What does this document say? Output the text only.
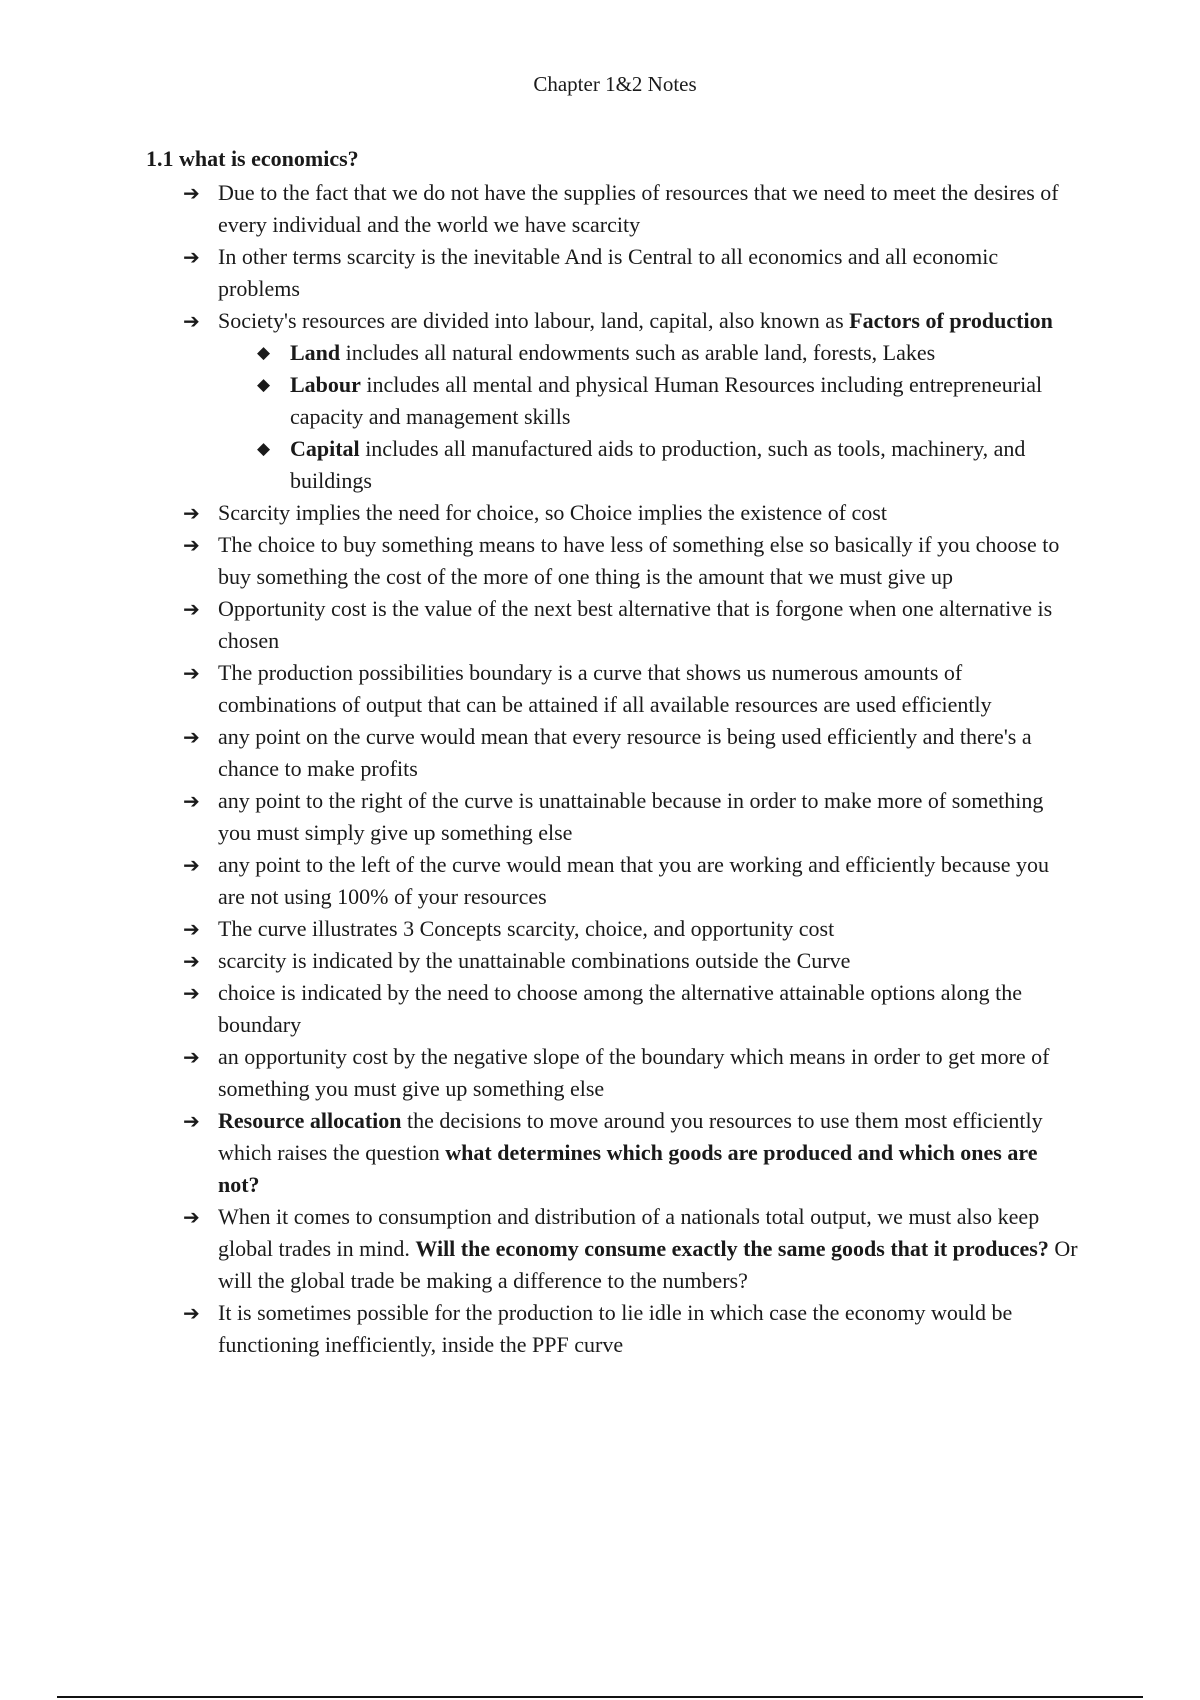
Chapter 1&2 Notes
1.1 what is economics?
➔ Due to the fact that we do not have the supplies of resources that we need to meet the desires of every individual and the world we have scarcity
➔ In other terms scarcity is the inevitable And is Central to all economics and all economic problems
➔ Society's resources are divided into labour, land, capital, also known as Factors of production
◆ Land includes all natural endowments such as arable land, forests, Lakes
◆ Labour includes all mental and physical Human Resources including entrepreneurial capacity and management skills
◆ Capital includes all manufactured aids to production, such as tools, machinery, and buildings
➔ Scarcity implies the need for choice, so Choice implies the existence of cost
➔ The choice to buy something means to have less of something else so basically if you choose to buy something the cost of the more of one thing is the amount that we must give up
➔ Opportunity cost is the value of the next best alternative that is forgone when one alternative is chosen
➔ The production possibilities boundary is a curve that shows us numerous amounts of combinations of output that can be attained if all available resources are used efficiently
➔ any point on the curve would mean that every resource is being used efficiently and there's a chance to make profits
➔ any point to the right of the curve is unattainable because in order to make more of something you must simply give up something else
➔ any point to the left of the curve would mean that you are working and efficiently because you are not using 100% of your resources
➔ The curve illustrates 3 Concepts scarcity, choice, and opportunity cost
➔ scarcity is indicated by the unattainable combinations outside the Curve
➔ choice is indicated by the need to choose among the alternative attainable options along the boundary
➔ an opportunity cost by the negative slope of the boundary which means in order to get more of something you must give up something else
➔ Resource allocation the decisions to move around you resources to use them most efficiently which raises the question what determines which goods are produced and which ones are not?
➔ When it comes to consumption and distribution of a nationals total output, we must also keep global trades in mind. Will the economy consume exactly the same goods that it produces? Or will the global trade be making a difference to the numbers?
➔ It is sometimes possible for the production to lie idle in which case the economy would be functioning inefficiently, inside the PPF curve
